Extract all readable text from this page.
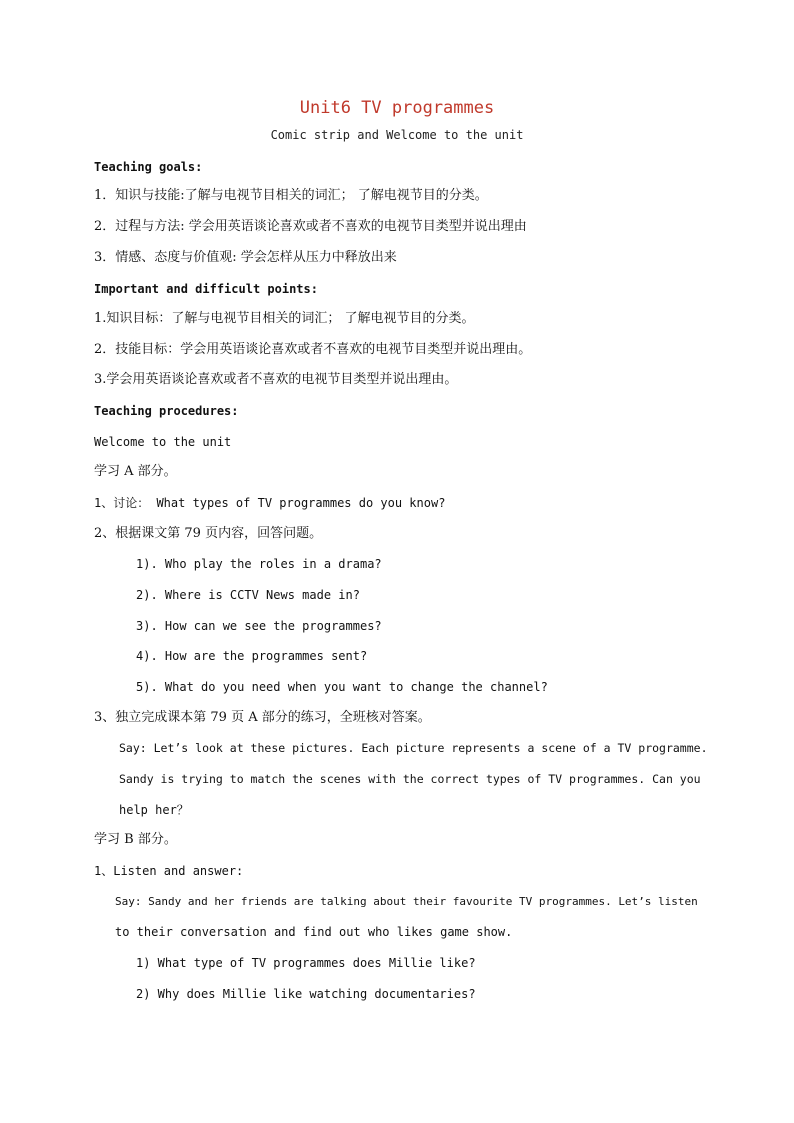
Unit6 TV programmes
Comic strip and Welcome to the unit
Teaching goals:
1．知识与技能:了解与电视节目相关的词汇； 了解电视节目的分类。
2．过程与方法: 学会用英语谈论喜欢或者不喜欢的电视节目类型并说出理由
3．情感、态度与价值观: 学会怎样从压力中释放出来
Important and difficult points:
1.知识目标：了解与电视节目相关的词汇； 了解电视节目的分类。
2．技能目标：学会用英语谈论喜欢或者不喜欢的电视节目类型并说出理由。
3.学会用英语谈论喜欢或者不喜欢的电视节目类型并说出理由。
Teaching procedures:
Welcome to the unit
学习 A 部分。
1、讨论： What types of TV programmes do you know?
2、根据课文第 79 页内容，回答问题。
1). Who play the roles in a drama?
2). Where is CCTV News made in?
3). How can we see the programmes?
4). How are the programmes sent?
5). What do you need when you want to change the channel?
3、独立完成课本第 79 页 A 部分的练习，全班核对答案。
Say: Let’s look at these pictures. Each picture represents a scene of a TV programme.
Sandy is trying to match the scenes with the correct types of TV programmes. Can you
help her？
学习 B 部分。
1、Listen and answer:
Say: Sandy and her friends are talking about their favourite TV programmes. Let’s listen
to their conversation and find out who likes game show.
1) What type of TV programmes does Millie like?
2) Why does Millie like watching documentaries?
